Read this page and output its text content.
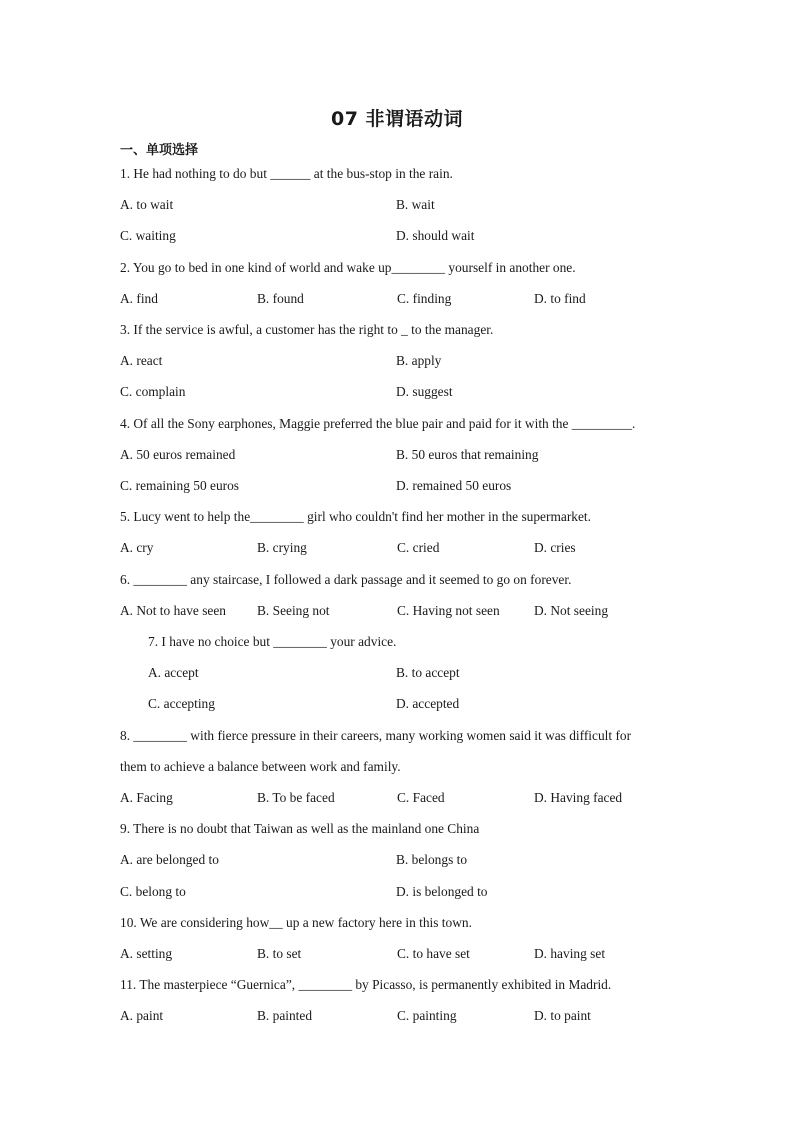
07 非谓语动词
一、单项选择
1. He had nothing to do but ______ at the bus-stop in the rain.
A. to wait	B. wait
C. waiting	D. should wait
2. You go to bed in one kind of world and wake up________ yourself in another one.
A. find	B. found	C. finding	D. to find
3. If the service is awful, a customer has the right to _ to the manager.
A. react	B. apply
C. complain	D. suggest
4. Of all the Sony earphones, Maggie preferred the blue pair and paid for it with the _________.
A. 50 euros remained	B. 50 euros that remaining
C. remaining 50 euros	D. remained 50 euros
5. Lucy went to help the________ girl who couldn't find her mother in the supermarket.
A. cry	B. crying	C. cried	D. cries
6. ________ any staircase, I followed a dark passage and it seemed to go on forever.
A. Not to have seen B. Seeing not	C. Having not seen	D. Not seeing
7. I have no choice but ________ your advice.
A. accept	B. to accept
C. accepting	D. accepted
8. ________ with fierce pressure in their careers, many working women said it was difficult for
them to achieve a balance between work and family.
A. Facing	B. To be faced	C. Faced	D. Having faced
9. There is no doubt that Taiwan as well as the mainland one China
A. are belonged to	B. belongs to
C. belong to	D. is belonged to
10. We are considering how__ up a new factory here in this town.
A. setting	B. to set	C. to have set	D. having set
11. The masterpiece “Guernica”, ________ by Picasso, is permanently exhibited in Madrid.
A. paint	B. painted	C. painting	D. to paint
